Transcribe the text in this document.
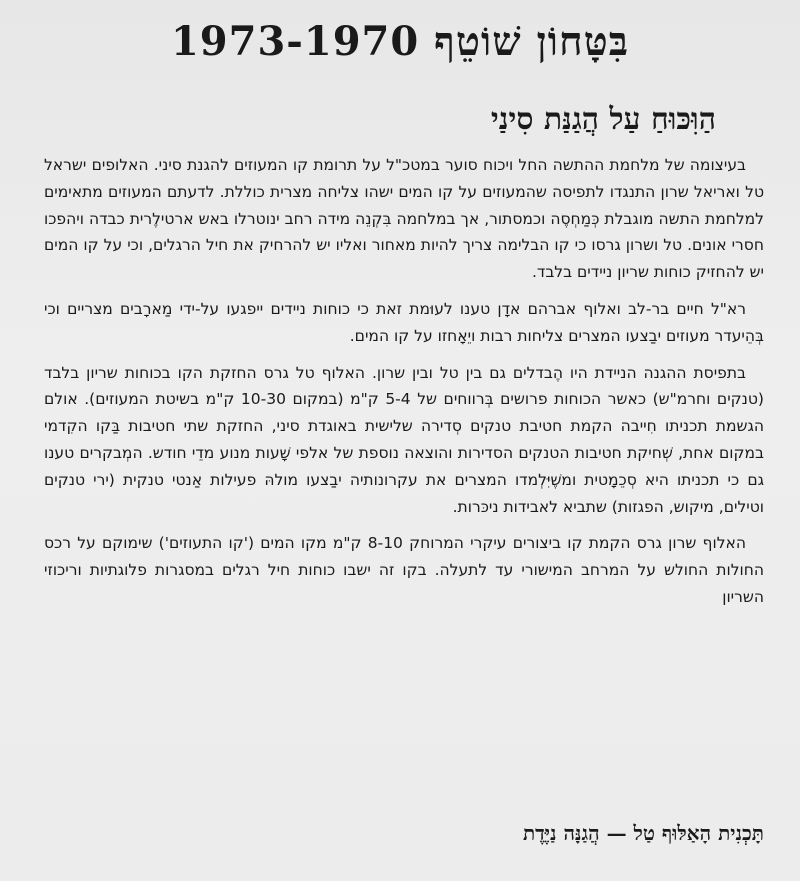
בִּטָּחוֹן שׁוֹטֵף 1973-1970
הַוִּכּוּחַ עַל הֲגַנַּת סִינַי

בעיצומה של מלחמת ההתשה החל ויכוח סוער במטכ"ל על תרומת קו המעוזים להגנת סיני. האלופים ישראל טל ואריאל שרון התנגדו לתפיסה שהמעוזים על קו המים ישהו צליחה מצרית כוללת. לדעתם המעוזים מתאימים למלחמת התשה מוגבלת כְּמַחְסֶה וכמסתור, אך במלחמה בִּקְנֵה מידה רחב ינוטרלו באש ארטילֶרית כבדה ויהפכו חסרי אונים. טל ושרון גרסו כי קו הבלימה צריך להיות מאחור ואליו יש להרחיק את חיל הרגלים, וכי על קו המים יש להחזיק כוחות שריון ניידים בלבד.

רא"ל חיים בר-לב ואלוף אברהם אדָן טענו לעוּמת זאת כי כוחות ניידים ייפגעו על-ידי מַארָבים מצריים וכי בְּהֵיעדר מעוזים יבַצעו המצרים צליחות רבות ויֵאָחזו על קו המים.

בתפיסת ההגנה הניידת היו הֶבדלים גם בין טל ובין שרון. האלוף טל גרס החזקת הקו בכוחות שריון בלבד (טנקים וחרמ"ש) כאשר הכוחות פרושים בְּרווחים של 5-4 ק"מ (במקום 10-30 ק"מ בשיטת המעוזים). אולם הגשמת תכניתו חִייבה הקמת חטיבת טנקים סְדירה שלישית באוגדת סיני, החזקת שתי חטיבות בַּקו הקִדמי במקום אחת, שְׁחיקת חטיבות הטנקים הסדירות והוצאה נוספת של אלפי שָׁעות מנוע מדֵי חודש. המְבקרים טענו גם כי תכניתו היא סְכֵמָטית ומשֶׁיִּלְמדו המצרים את עקרונותיה יבַצעו מולהּ פעילות אַנטי טנקית (ירי טנקים וטילים, מיקוש, הפגזות) שתביא לאבידות ניכּרות.

האלוף שרון גרס הקמת קו ביצורים עיקרי המרוחק 8-10 ק"מ מקו המים ('קו התעוזים') שימוקם על רכס החולות החולש על המרחב המישורי עד לתעלה. בקו זה ישבו כוחות חיל רגלים במסגרות פלוגתיות וריכוזי השריון

תָּכְנִית הָאַלּוּף טַל — הֲגַנָּה נַיֶּדֶת
